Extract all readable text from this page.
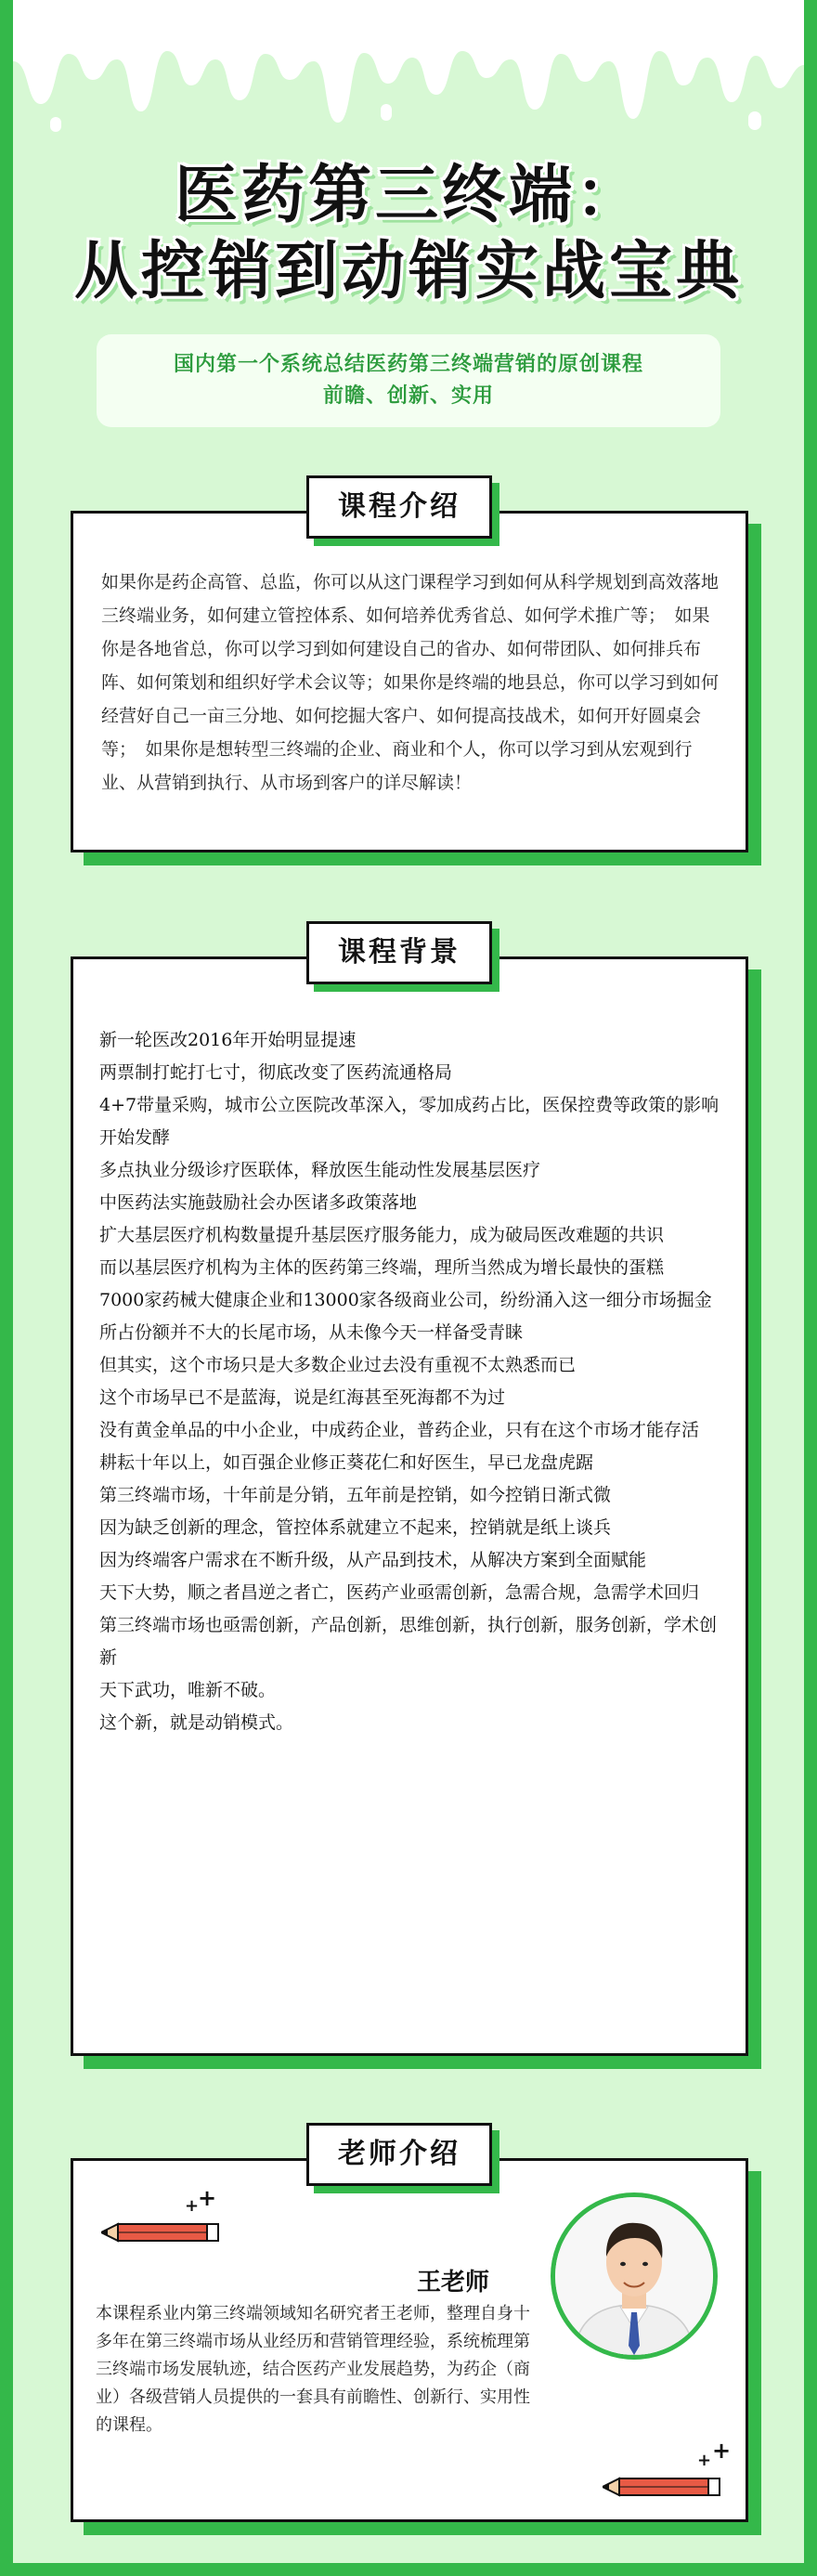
医药第三终端：
从控销到动销实战宝典
国内第一个系统总结医药第三终端营销的原创课程
前瞻、创新、实用
如果你是药企高管、总监，你可以从这门课程学习到如何从科学规划到高效落地三终端业务，如何建立管控体系、如何培养优秀省总、如何学术推广等；　如果你是各地省总，你可以学习到如何建设自己的省办、如何带团队、如何排兵布阵、如何策划和组织好学术会议等；如果你是终端的地县总，你可以学习到如何经营好自己一亩三分地、如何挖掘大客户、如何提高技战术，如何开好圆桌会等；　如果你是想转型三终端的企业、商业和个人，你可以学习到从宏观到行业、从营销到执行、从市场到客户的详尽解读！
课程介绍
新一轮医改2016年开始明显提速
两票制打蛇打七寸，彻底改变了医药流通格局
4+7带量采购，城市公立医院改革深入，零加成药占比，医保控费等政策的影响开始发酵
多点执业分级诊疗医联体，释放医生能动性发展基层医疗
中医药法实施鼓励社会办医诸多政策落地
扩大基层医疗机构数量提升基层医疗服务能力，成为破局医改难题的共识
而以基层医疗机构为主体的医药第三终端，理所当然成为增长最快的蛋糕
7000家药械大健康企业和13000家各级商业公司，纷纷涌入这一细分市场掘金
所占份额并不大的长尾市场，从未像今天一样备受青睐
但其实，这个市场只是大多数企业过去没有重视不太熟悉而已
这个市场早已不是蓝海，说是红海甚至死海都不为过
没有黄金单品的中小企业，中成药企业，普药企业，只有在这个市场才能存活
耕耘十年以上，如百强企业修正葵花仁和好医生，早已龙盘虎踞
第三终端市场，十年前是分销，五年前是控销，如今控销日渐式微
因为缺乏创新的理念，管控体系就建立不起来，控销就是纸上谈兵
因为终端客户需求在不断升级，从产品到技术，从解决方案到全面赋能
天下大势，顺之者昌逆之者亡，医药产业亟需创新，急需合规，急需学术回归
第三终端市场也亟需创新，产品创新，思维创新，执行创新，服务创新，学术创新
天下武功，唯新不破。
这个新，就是动销模式。
课程背景
+
+
王老师
本课程系业内第三终端领域知名研究者王老师，整理自身十多年在第三终端市场从业经历和营销管理经验，系统梳理第三终端市场发展轨迹，结合医药产业发展趋势，为药企（商业）各级营销人员提供的一套具有前瞻性、创新行、实用性的课程。
+ +
老师介绍
